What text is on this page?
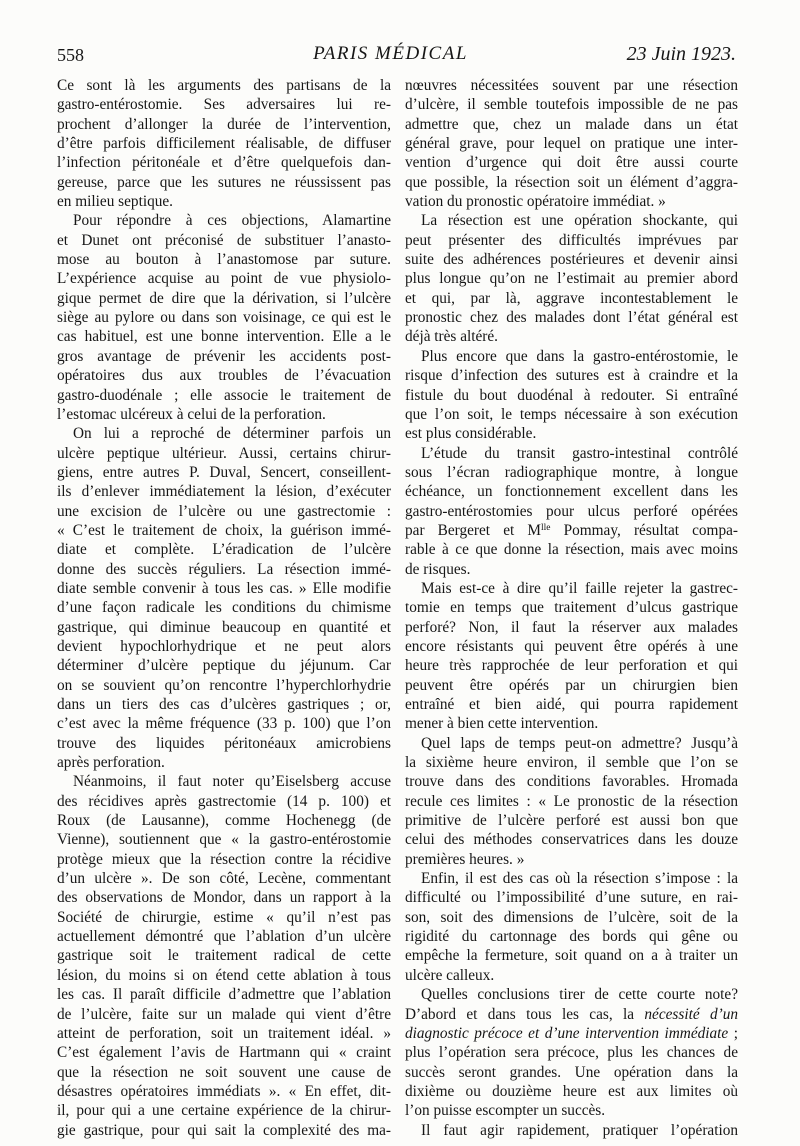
558	PARIS MÉDICAL	23 Juin 1923.
Ce sont là les arguments des partisans de la
gastro-entérostomie. Ses adversaires lui re-
prochent d’allonger la durée de l’intervention,
d’être parfois difficilement réalisable, de diffuser
l’infection péritonéale et d’être quelquefois dan-
gereuse, parce que les sutures ne réussissent pas
en milieu septique.
Pour répondre à ces objections, Alamartine
et Dunet ont préconisé de substituer l’anasto-
mose au bouton à l’anastomose par suture.
L’expérience acquise au point de vue physiolo-
gique permet de dire que la dérivation, si l’ulcère
siège au pylore ou dans son voisinage, ce qui est le
cas habituel, est une bonne intervention. Elle a le
gros avantage de prévenir les accidents post-
opératoires dus aux troubles de l’évacuation
gastro-duodénale ; elle associe le traitement de
l’estomac ulcéreux à celui de la perforation.
On lui a reproché de déterminer parfois un
ulcère peptique ultérieur. Aussi, certains chirur-
giens, entre autres P. Duval, Sencert, conseillent-
ils d’enlever immédiatement la lésion, d’exécuter
une excision de l’ulcère ou une gastrectomie :
« C’est le traitement de choix, la guérison immé-
diate et complète. L’éradication de l’ulcère
donne des succès réguliers. La résection immé-
diate semble convenir à tous les cas. » Elle modifie
d’une façon radicale les conditions du chimisme
gastrique, qui diminue beaucoup en quantité et
devient hypochlorhydrique et ne peut alors
déterminer d’ulcère peptique du jéjunum. Car
on se souvient qu’on rencontre l’hyperchlorhydrie
dans un tiers des cas d’ulcères gastriques ; or,
c’est avec la même fréquence (33 p. 100) que l’on
trouve des liquides péritonéaux amicrobiens
après perforation.
Néanmoins, il faut noter qu’Eiselsberg accuse
des récidives après gastrectomie (14 p. 100) et
Roux (de Lausanne), comme Hochenegg (de
Vienne), soutiennent que « la gastro-entérostomie
protège mieux que la résection contre la récidive
d’un ulcère ». De son côté, Lecène, commentant
des observations de Mondor, dans un rapport à la
Société de chirurgie, estime « qu’il n’est pas
actuellement démontré que l’ablation d’un ulcère
gastrique soit le traitement radical de cette
lésion, du moins si on étend cette ablation à tous
les cas. Il paraît difficile d’admettre que l’ablation
de l’ulcère, faite sur un malade qui vient d’être
atteint de perforation, soit un traitement idéal. »
C’est également l’avis de Hartmann qui « craint
que la résection ne soit souvent une cause de
désastres opératoires immédiats ». « En effet, dit-
il, pour qui a une certaine expérience de la chirur-
gie gastrique, pour qui sait la complexité des ma-
nœuvres nécessitées souvent par une résection
d’ulcère, il semble toutefois impossible de ne pas
admettre que, chez un malade dans un état
général grave, pour lequel on pratique une inter-
vention d’urgence qui doit être aussi courte
que possible, la résection soit un élément d’aggra-
vation du pronostic opératoire immédiat. »
La résection est une opération shockante, qui
peut présenter des difficultés imprévues par
suite des adhérences postérieures et devenir ainsi
plus longue qu’on ne l’estimait au premier abord
et qui, par là, aggrave incontestablement le
pronostic chez des malades dont l’état général est
déjà très altéré.
Plus encore que dans la gastro-entérostomie, le
risque d’infection des sutures est à craindre et la
fistule du bout duodénal à redouter. Si entraîné
que l’on soit, le temps nécessaire à son exécution
est plus considérable.
L’étude du transit gastro-intestinal contrôlé
sous l’écran radiographique montre, à longue
échéance, un fonctionnement excellent dans les
gastro-entérostomies pour ulcus perforé opérées
par Bergeret et $M^{lle}$ Pommay, résultat compa-
rable à ce que donne la résection, mais avec moins
de risques.
Mais est-ce à dire qu’il faille rejeter la gastrec-
tomie en temps que traitement d’ulcus gastrique
perforé? Non, il faut la réserver aux malades
encore résistants qui peuvent être opérés à une
heure très rapprochée de leur perforation et qui
peuvent être opérés par un chirurgien bien
entraîné et bien aidé, qui pourra rapidement
mener à bien cette intervention.
Quel laps de temps peut-on admettre? Jusqu’à
la sixième heure environ, il semble que l’on se
trouve dans des conditions favorables. Hromada
recule ces limites : « Le pronostic de la résection
primitive de l’ulcère perforé est aussi bon que
celui des méthodes conservatrices dans les douze
premières heures. »
Enfin, il est des cas où la résection s’impose : la
difficulté ou l’impossibilité d’une suture, en rai-
son, soit des dimensions de l’ulcère, soit de la
rigidité du cartonnage des bords qui gêne ou
empêche la fermeture, soit quand on a à traiter un
ulcère calleux.
Quelles conclusions tirer de cette courte note?
D’abord et dans tous les cas, la nécessité d’un
diagnostic précoce et d’une intervention immédiate ;
plus l’opération sera précoce, plus les chances de
succès seront grandes. Une opération dans la
dixième ou douzième heure est aux limites où
l’on puisse escompter un succès.
Il faut agir rapidement, pratiquer l’opération
